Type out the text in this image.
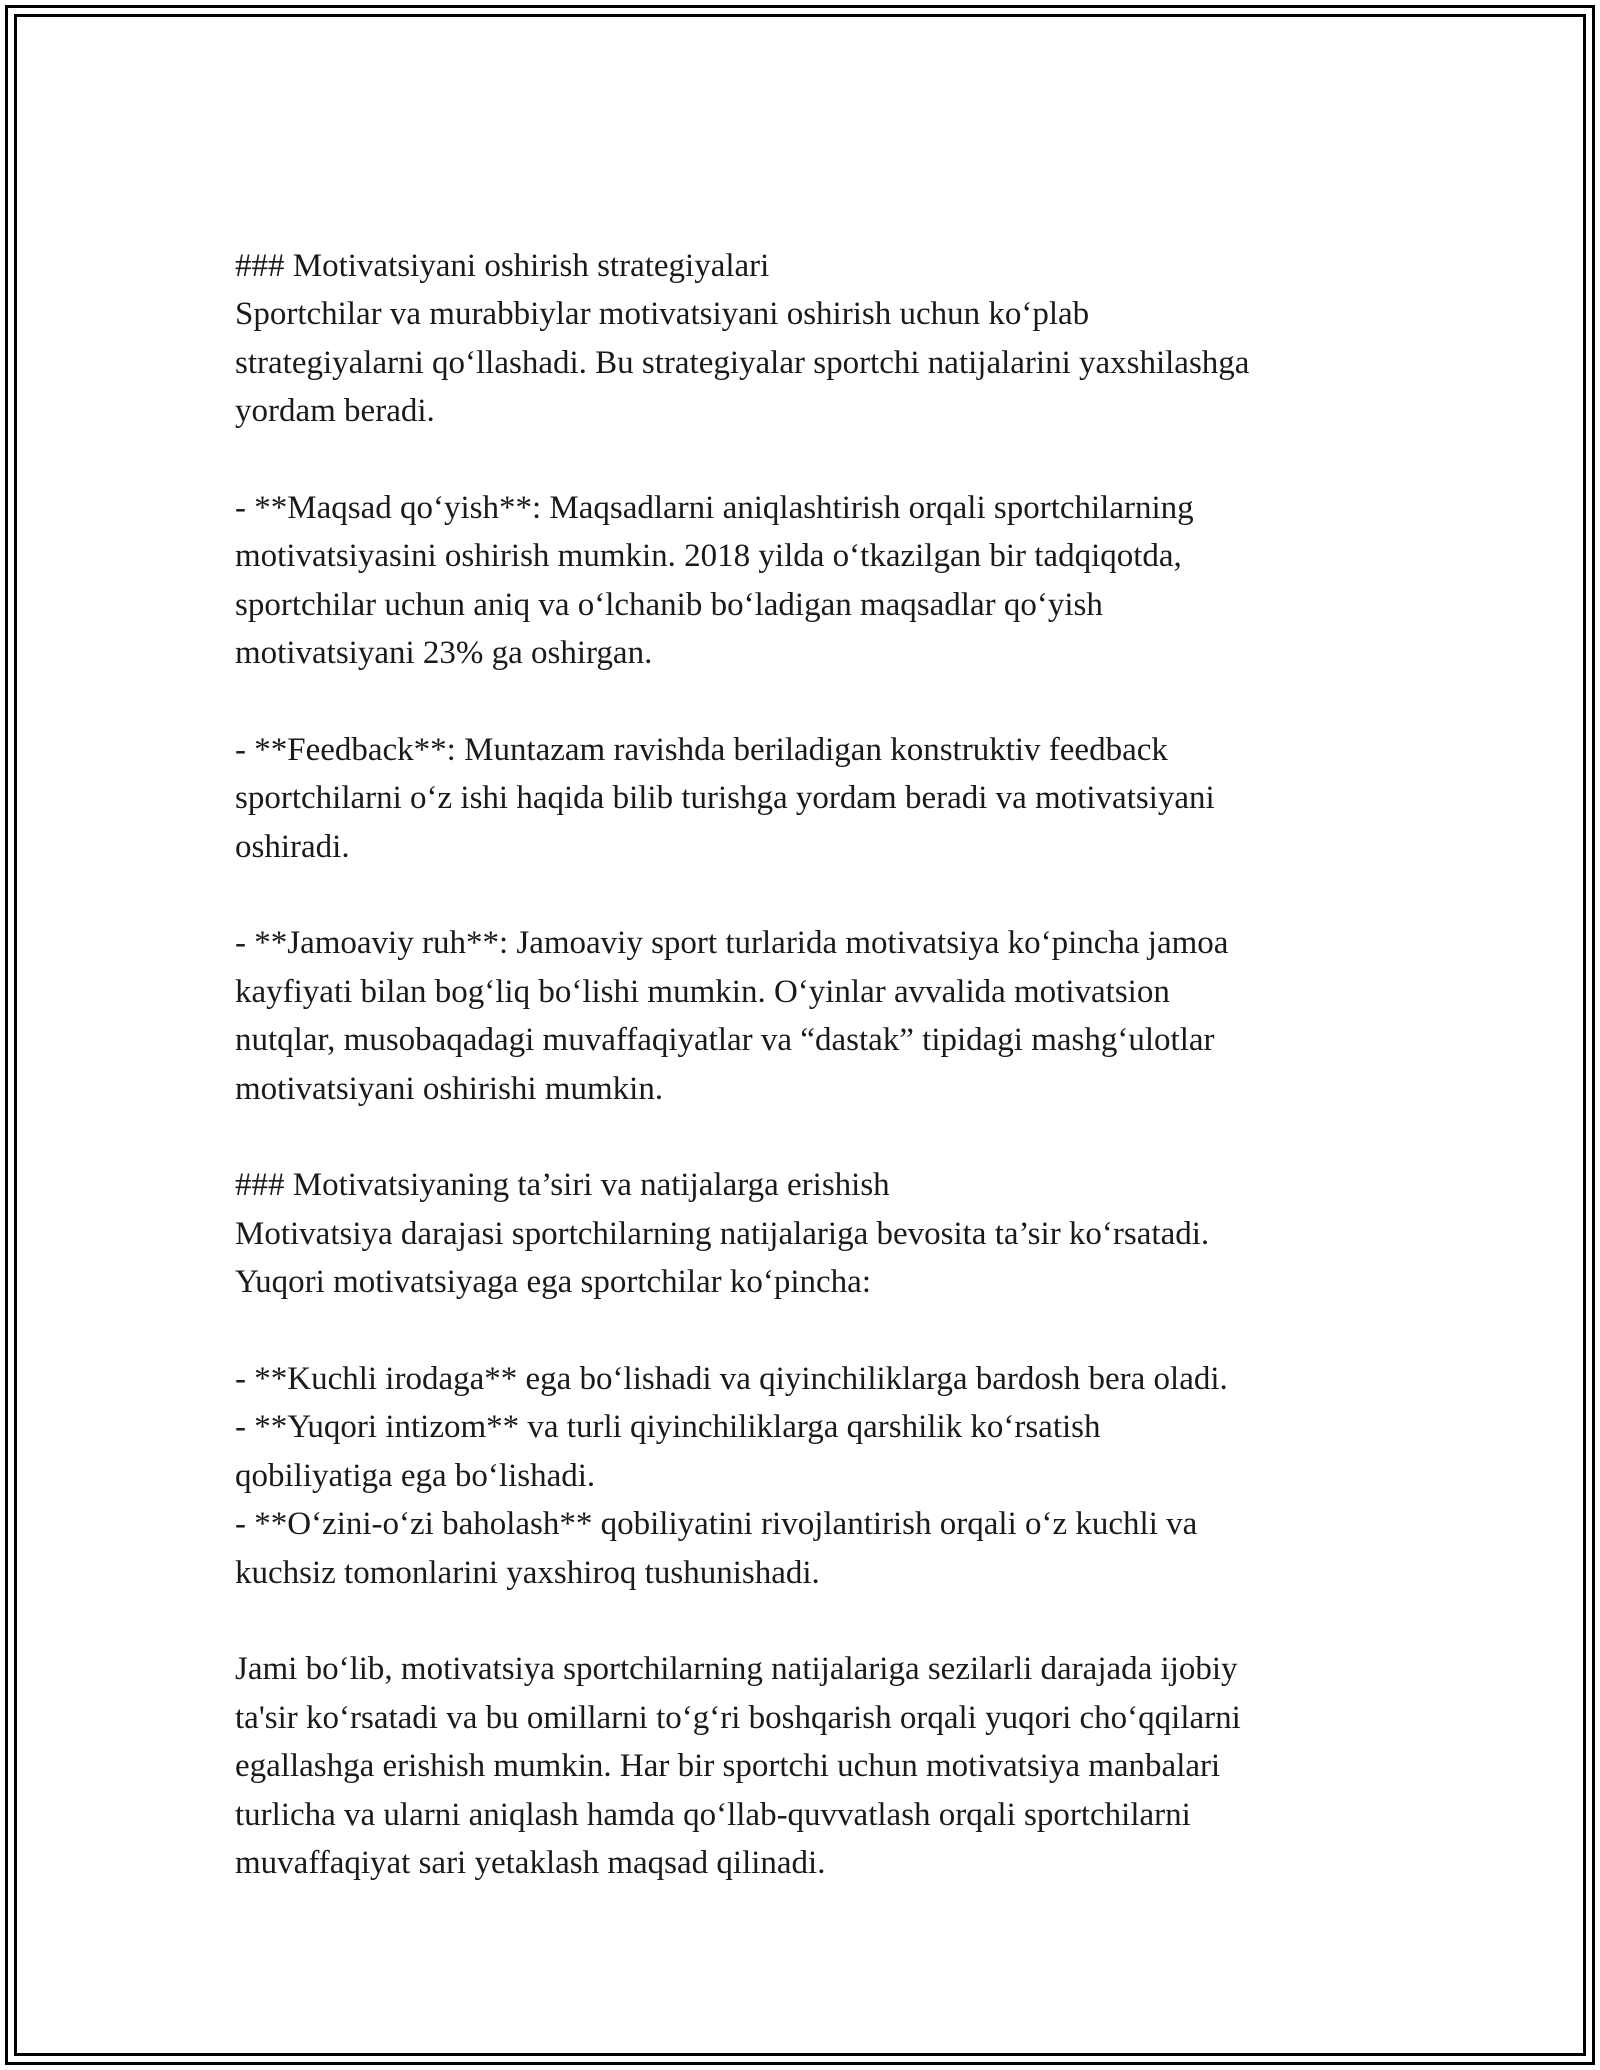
### Motivatsiyani oshirish strategiyalari
Sportchilar va murabbiylar motivatsiyani oshirish uchun ko‘plab
strategiyalarni qo‘llashadi. Bu strategiyalar sportchi natijalarini yaxshilashga
yordam beradi.
- **Maqsad qo‘yish**: Maqsadlarni aniqlashtirish orqali sportchilarning
motivatsiyasini oshirish mumkin. 2018 yilda o‘tkazilgan bir tadqiqotda,
sportchilar uchun aniq va o‘lchanib bo‘ladigan maqsadlar qo‘yish
motivatsiyani 23% ga oshirgan.
- **Feedback**: Muntazam ravishda beriladigan konstruktiv feedback
sportchilarni o‘z ishi haqida bilib turishga yordam beradi va motivatsiyani
oshiradi.
- **Jamoaviy ruh**: Jamoaviy sport turlarida motivatsiya ko‘pincha jamoa
kayfiyati bilan bog‘liq bo‘lishi mumkin. O‘yinlar avvalida motivatsion
nutqlar, musobaqadagi muvaffaqiyatlar va “dastak” tipidagi mashg‘ulotlar
motivatsiyani oshirishi mumkin.
### Motivatsiyaning ta’siri va natijalarga erishish
Motivatsiya darajasi sportchilarning natijalariga bevosita ta’sir ko‘rsatadi.
Yuqori motivatsiyaga ega sportchilar ko‘pincha:
- **Kuchli irodaga** ega bo‘lishadi va qiyinchiliklarga bardosh bera oladi.
- **Yuqori intizom** va turli qiyinchiliklarga qarshilik ko‘rsatish
qobiliyatiga ega bo‘lishadi.
- **O‘zini-o‘zi baholash** qobiliyatini rivojlantirish orqali o‘z kuchli va
kuchsiz tomonlarini yaxshiroq tushunishadi.
Jami bo‘lib, motivatsiya sportchilarning natijalariga sezilarli darajada ijobiy
ta'sir ko‘rsatadi va bu omillarni to‘g‘ri boshqarish orqali yuqori cho‘qqilarni
egallashga erishish mumkin. Har bir sportchi uchun motivatsiya manbalari
turlicha va ularni aniqlash hamda qo‘llab-quvvatlash orqali sportchilarni
muvaffaqiyat sari yetaklash maqsad qilinadi.
